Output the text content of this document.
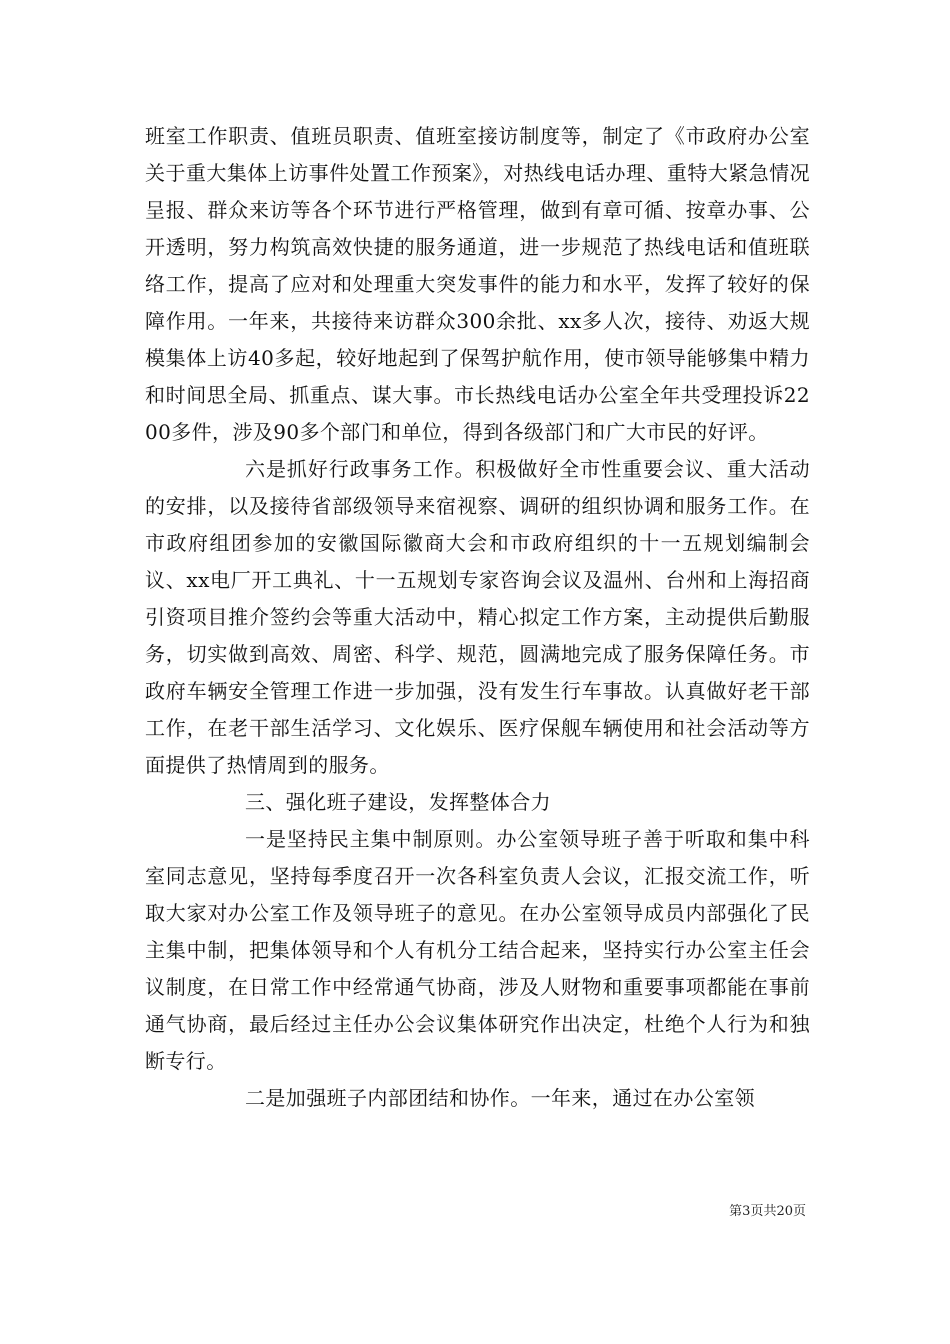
班室工作职责、值班员职责、值班室接访制度等，制定了《市政府办公室关于重大集体上访事件处置工作预案》，对热线电话办理、重特大紧急情况呈报、群众来访等各个环节进行严格管理，做到有章可循、按章办事、公开透明，努力构筑高效快捷的服务通道，进一步规范了热线电话和值班联络工作，提高了应对和处理重大突发事件的能力和水平，发挥了较好的保障作用。一年来，共接待来访群众300余批、xx多人次，接待、劝返大规模集体上访40多起，较好地起到了保驾护航作用，使市领导能够集中精力和时间思全局、抓重点、谋大事。市长热线电话办公室全年共受理投诉2200多件，涉及90多个部门和单位，得到各级部门和广大市民的好评。

六是抓好行政事务工作。积极做好全市性重要会议、重大活动的安排，以及接待省部级领导来宿视察、调研的组织协调和服务工作。在市政府组团参加的安徽国际徽商大会和市政府组织的十一五规划编制会议、xx电厂开工典礼、十一五规划专家咨询会议及温州、台州和上海招商引资项目推介签约会等重大活动中，精心拟定工作方案，主动提供后勤服务，切实做到高效、周密、科学、规范，圆满地完成了服务保障任务。市政府车辆安全管理工作进一步加强，没有发生行车事故。认真做好老干部工作，在老干部生活学习、文化娱乐、医疗保舰车辆使用和社会活动等方面提供了热情周到的服务。

三、强化班子建设，发挥整体合力

一是坚持民主集中制原则。办公室领导班子善于听取和集中科室同志意见，坚持每季度召开一次各科室负责人会议，汇报交流工作，听取大家对办公室工作及领导班子的意见。在办公室领导成员内部强化了民主集中制，把集体领导和个人有机分工结合起来，坚持实行办公室主任会议制度，在日常工作中经常通气协商，涉及人财物和重要事项都能在事前通气协商，最后经过主任办公会议集体研究作出决定，杜绝个人行为和独断专行。

二是加强班子内部团结和协作。一年来，通过在办公室领

第3页共20页
